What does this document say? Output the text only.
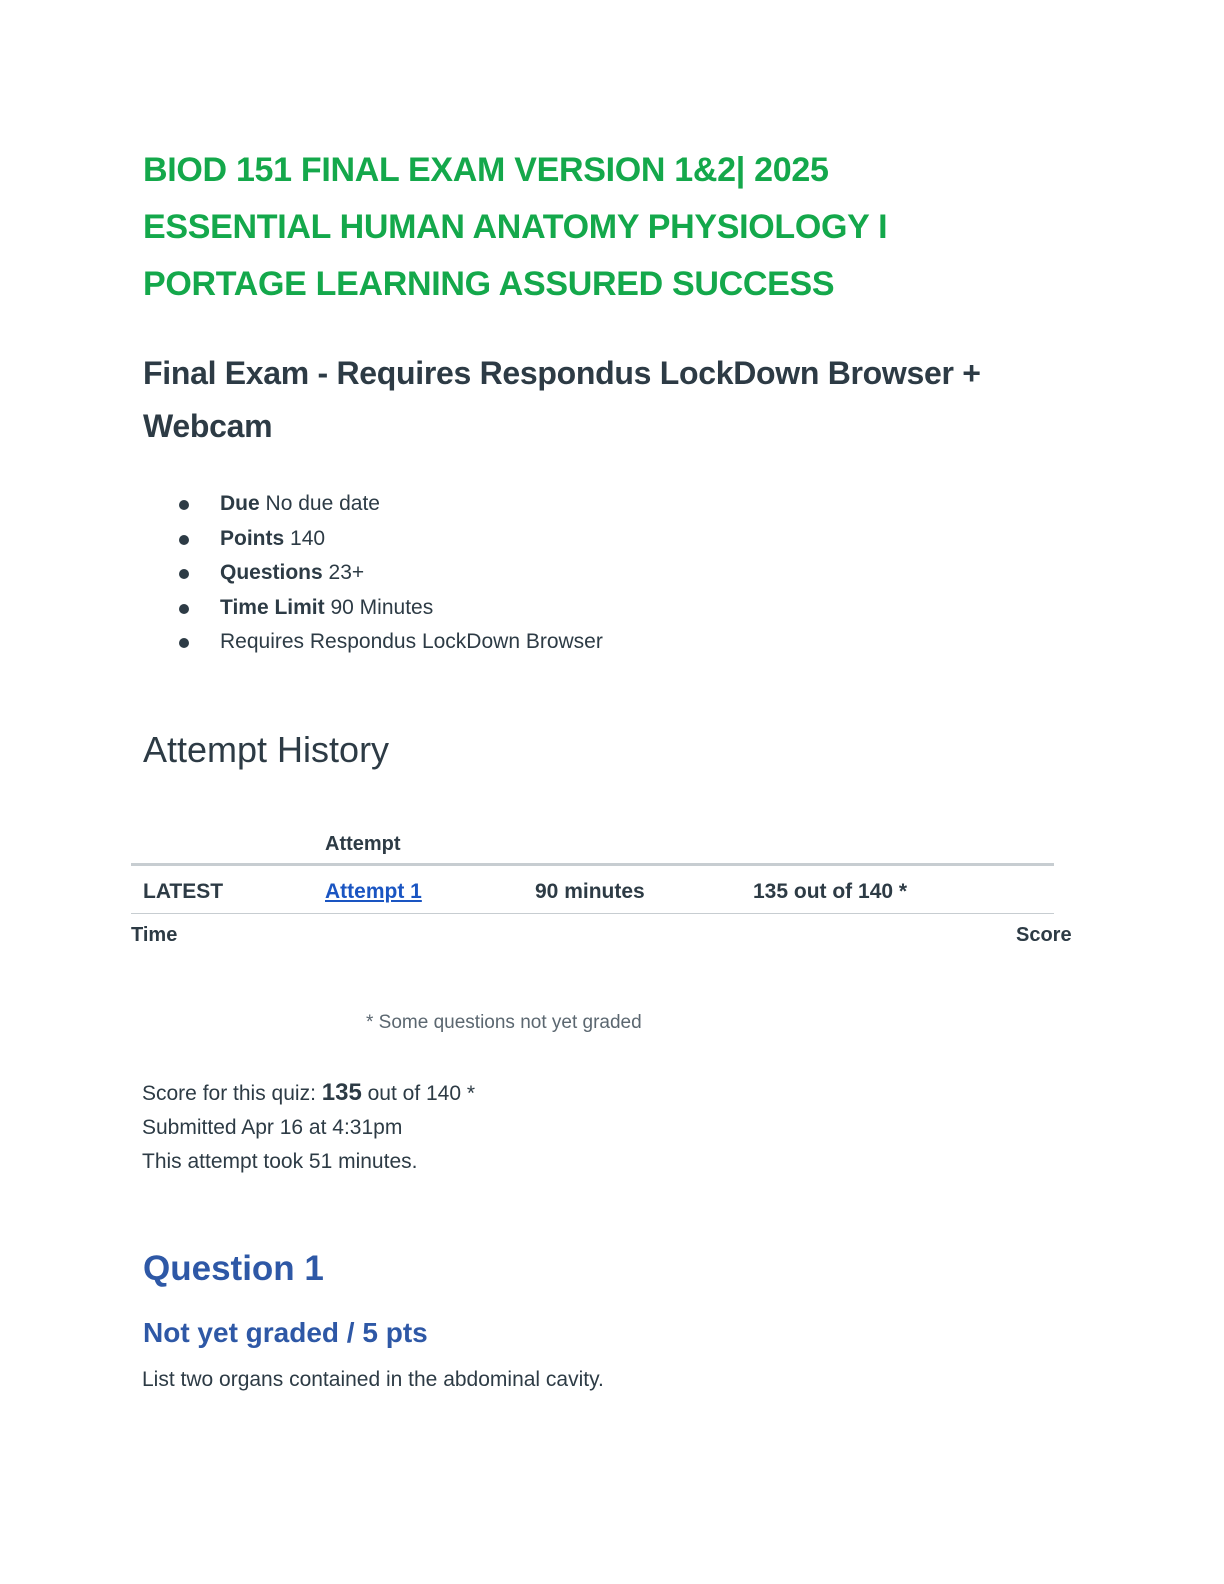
BIOD 151 FINAL EXAM VERSION 1&2| 2025
ESSENTIAL HUMAN ANATOMY PHYSIOLOGY I
PORTAGE LEARNING ASSURED SUCCESS
Final Exam - Requires Respondus LockDown Browser +
Webcam
Due No due date
Points 140
Questions 23+
Time Limit 90 Minutes
Requires Respondus LockDown Browser
Attempt History
Attempt
LATEST	Attempt 1	90 minutes	135 out of 140 *
Time	Score
* Some questions not yet graded
Score for this quiz: 135 out of 140 *
Submitted Apr 16 at 4:31pm
This attempt took 51 minutes.
Question 1
Not yet graded / 5 pts

List two organs contained in the abdominal cavity.
